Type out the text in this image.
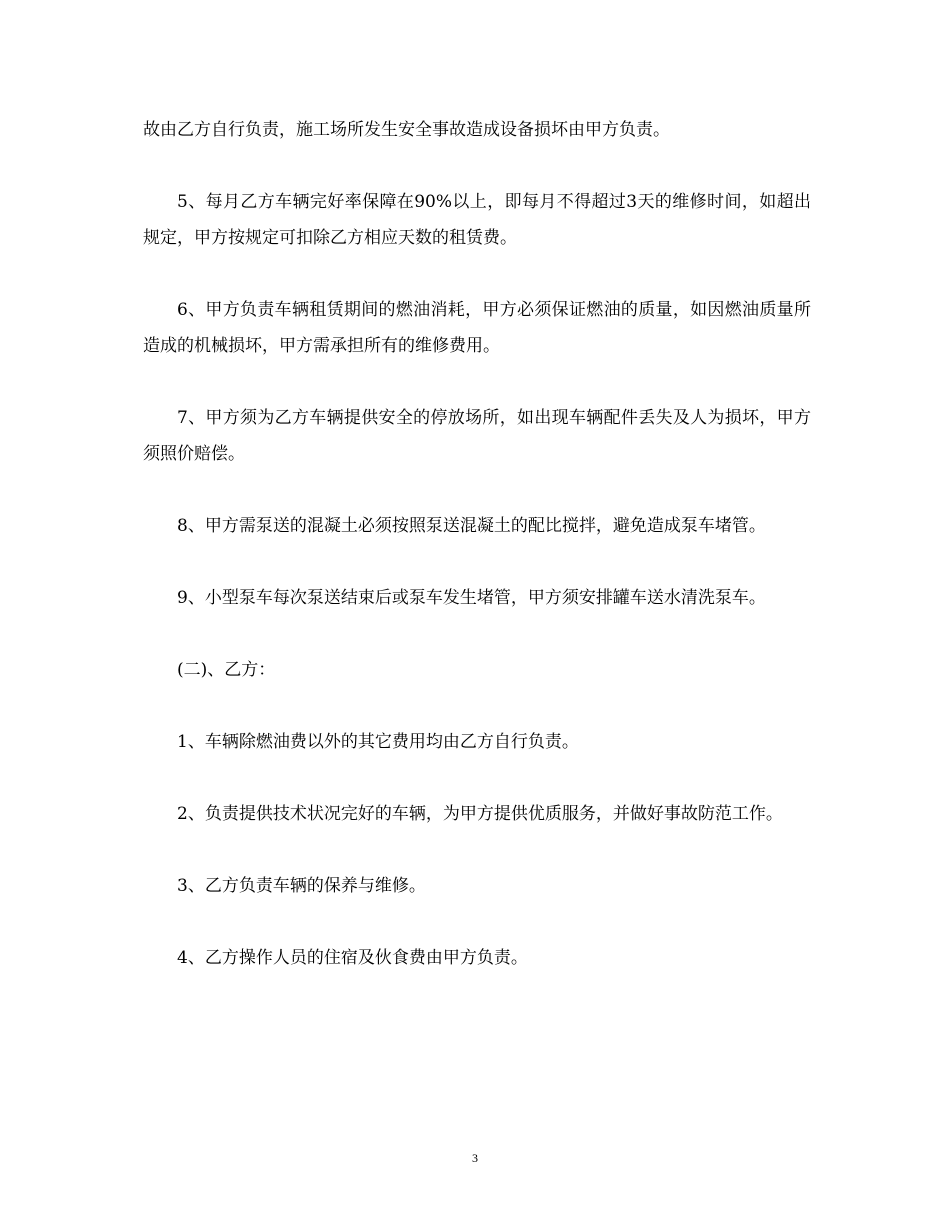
故由乙方自行负责，施工场所发生安全事故造成设备损坏由甲方负责。

5、每月乙方车辆完好率保障在90%以上，即每月不得超过3天的维修时间，如超出规定，甲方按规定可扣除乙方相应天数的租赁费。

6、甲方负责车辆租赁期间的燃油消耗，甲方必须保证燃油的质量，如因燃油质量所造成的机械损坏，甲方需承担所有的维修费用。

7、甲方须为乙方车辆提供安全的停放场所，如出现车辆配件丢失及人为损坏，甲方须照价赔偿。

8、甲方需泵送的混凝土必须按照泵送混凝土的配比搅拌，避免造成泵车堵管。

9、小型泵车每次泵送结束后或泵车发生堵管，甲方须安排罐车送水清洗泵车。

(二)、乙方：

1、车辆除燃油费以外的其它费用均由乙方自行负责。

2、负责提供技术状况完好的车辆，为甲方提供优质服务，并做好事故防范工作。

3、乙方负责车辆的保养与维修。

4、乙方操作人员的住宿及伙食费由甲方负责。

3
